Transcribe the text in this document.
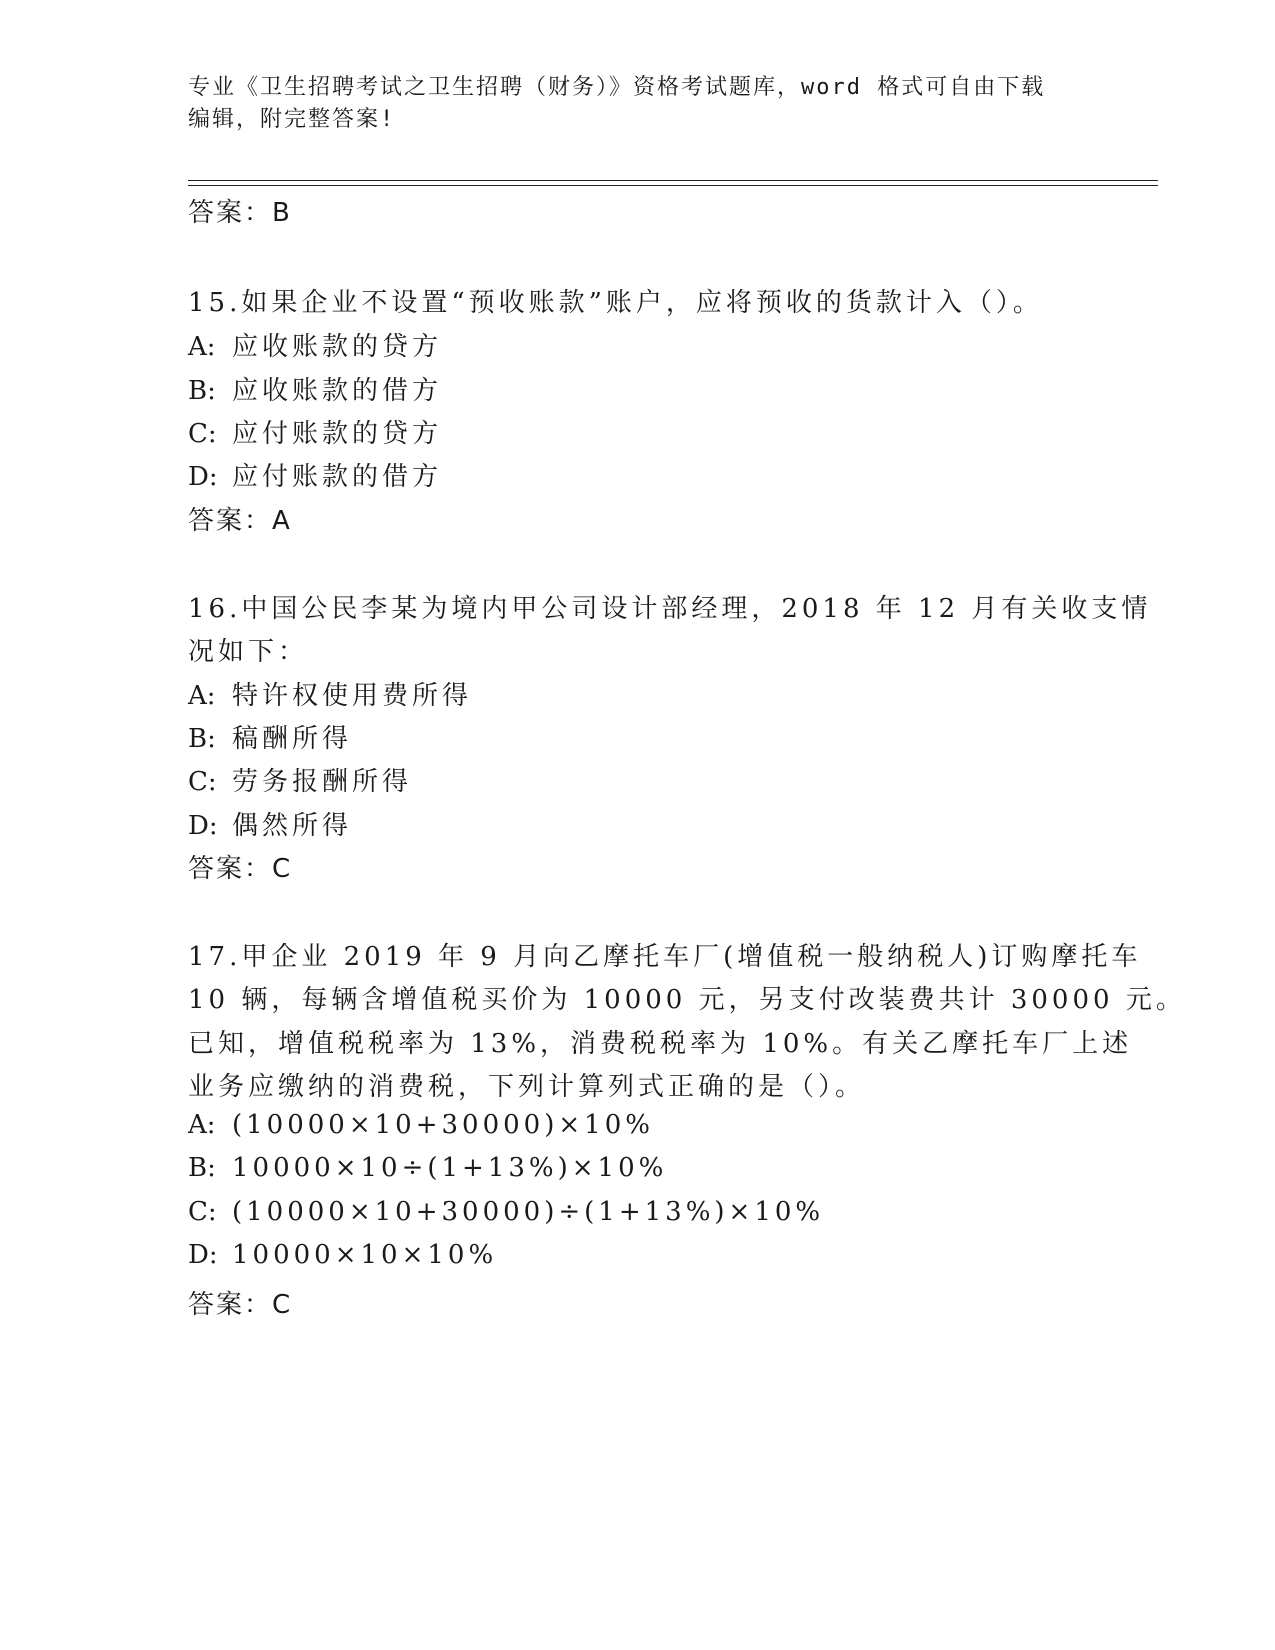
专业《卫生招聘考试之卫生招聘（财务）》资格考试题库，word 格式可自由下载
编辑，附完整答案!
答案：B
15.如果企业不设置“预收账款”账户，应将预收的货款计入（）。
A: 应收账款的贷方
B: 应收账款的借方
C: 应付账款的贷方
D: 应付账款的借方
答案：A
16.中国公民李某为境内甲公司设计部经理，2018 年 12 月有关收支情
况如下：
A: 特许权使用费所得
B: 稿酬所得
C: 劳务报酬所得
D: 偶然所得
答案：C
17.甲企业 2019 年 9 月向乙摩托车厂(增值税一般纳税人)订购摩托车
10 辆，每辆含增值税买价为 10000 元，另支付改装费共计 30000 元。
已知，增值税税率为 13%，消费税税率为 10%。有关乙摩托车厂上述
业务应缴纳的消费税，下列计算列式正确的是（）。
A: (10000×10+30000)×10%
B: 10000×10÷(1+13%)×10%
C: (10000×10+30000)÷(1+13%)×10%
D: 10000×10×10%
答案：C
